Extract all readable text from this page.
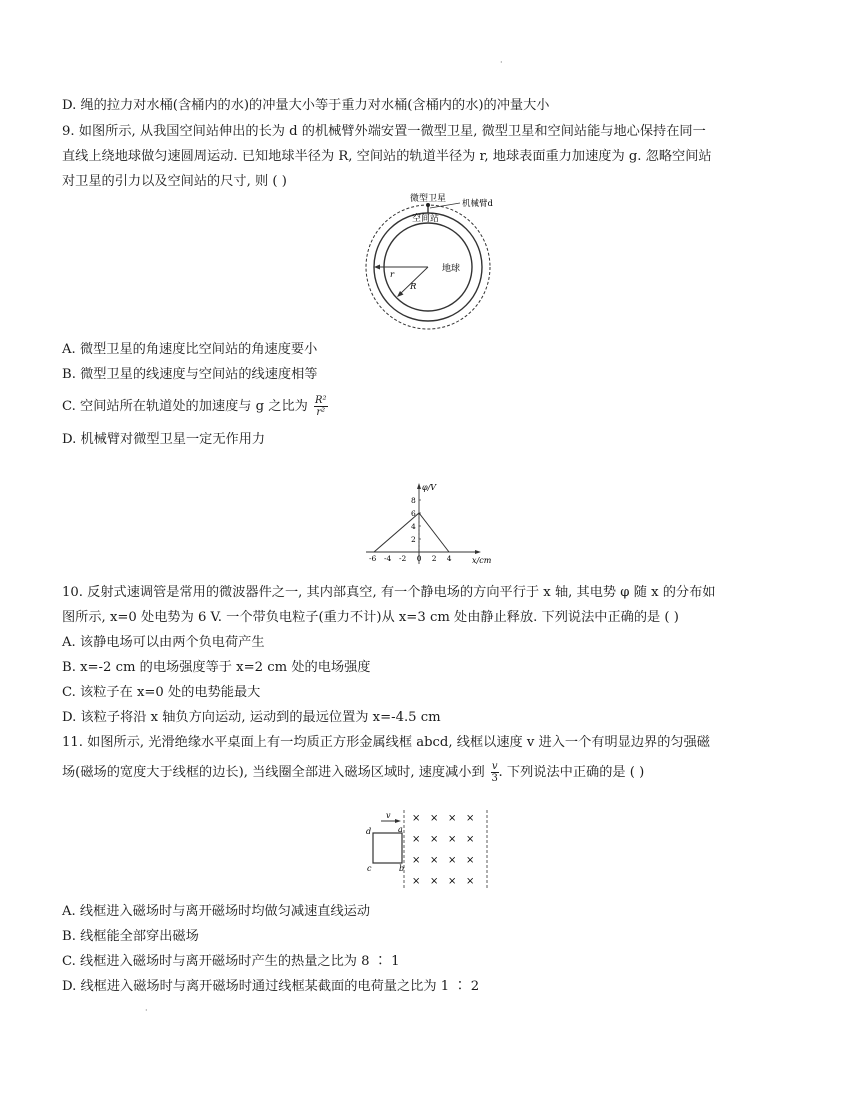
·
D. 绳的拉力对水桶(含桶内的水)的冲量大小等于重力对水桶(含桶内的水)的冲量大小
9. 如图所示, 从我国空间站伸出的长为 d 的机械臂外端安置一微型卫星, 微型卫星和空间站能与地心保持在同一
直线上绕地球做匀速圆周运动. 已知地球半径为 R, 空间站的轨道半径为 r, 地球表面重力加速度为 g. 忽略空间站
对卫星的引力以及空间站的尺寸, 则 ( )
微型卫星 机械臂d
空间站
地球
r
R
A. 微型卫星的角速度比空间站的角速度要小
B. 微型卫星的线速度与空间站的线速度相等
C. 空间站所在轨道处的加速度与 g 之比为 $\frac{\text{R²}}{\text{r²}}$
D. 机械臂对微型卫星一定无作用力
8
6
4
2
-6 -4 -2 0 2 4
φ/V
x/cm
10. 反射式速调管是常用的微波器件之一, 其内部真空, 有一个静电场的方向平行于 x 轴, 其电势 φ 随 x 的分布如
图所示, x=0 处电势为 6 V. 一个带负电粒子(重力不计)从 x=3 cm 处由静止释放. 下列说法中正确的是 ( )
A. 该静电场可以由两个负电荷产生
B. x=-2 cm 的电场强度等于 x=2 cm 处的电场强度
C. 该粒子在 x=0 处的电势能最大
D. 该粒子将沿 x 轴负方向运动, 运动到的最远位置为 x=-4.5 cm
11. 如图所示, 光滑绝缘水平桌面上有一均质正方形金属线框 abcd, 线框以速度 v 进入一个有明显边界的匀强磁
场(磁场的宽度大于线框的边长), 当线圈全部进入磁场区域时, 速度减小到 $\frac{v}{3}$ . 下列说法中正确的是 ( )
v
d	a
c	b
× × × ×
× × × ×
× × × ×
× × × ×
A. 线框进入磁场时与离开磁场时均做匀减速直线运动
B. 线框能全部穿出磁场
C. 线框进入磁场时与离开磁场时产生的热量之比为 8 ∶ 1
D. 线框进入磁场时与离开磁场时通过线框某截面的电荷量之比为 1 ∶ 2
·
